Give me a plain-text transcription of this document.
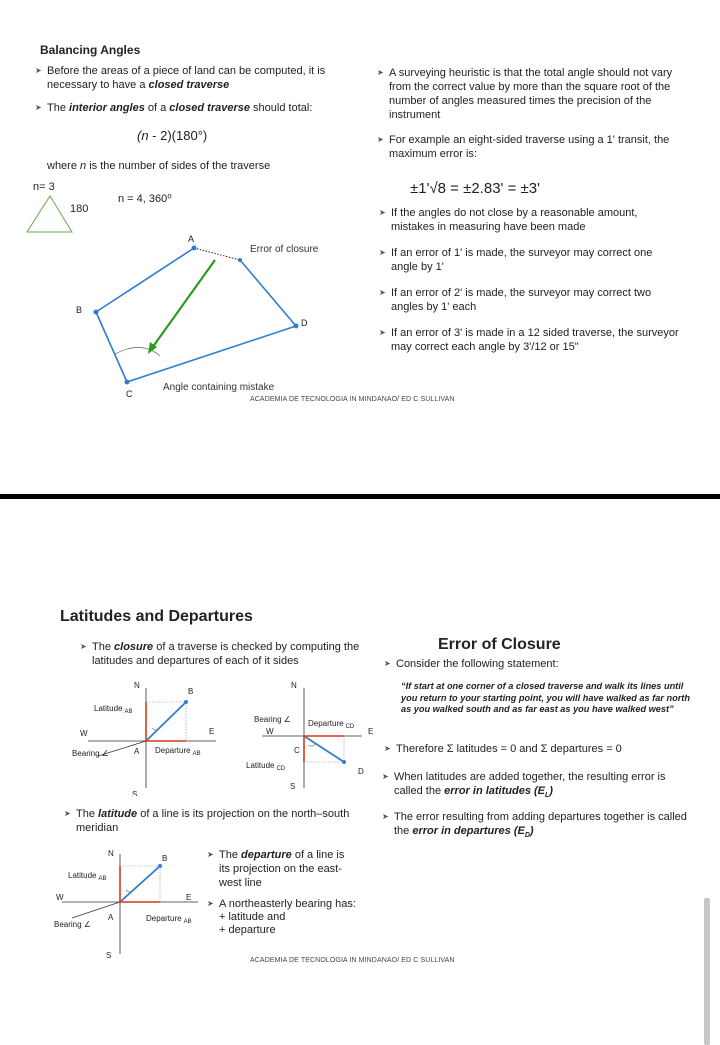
Balancing Angles
➤ Before the areas of a piece of land can be computed, it is necessary to have a closed traverse
➤ The interior angles of a closed traverse should total:
(n - 2)(180°)
where n is the number of sides of the traverse
n= 3
180
n = 4, 360⁰
A
B
C
D
Error of closure
Angle containing mistake
➤ A surveying heuristic is that the total angle should not vary from the correct value by more than the square root of the number of angles measured times the precision of the instrument
➤ For example an eight-sided traverse using a 1' transit, the maximum error is:
±1'√8 = ±2.83' = ±3'
➤ If the angles do not close by a reasonable amount, mistakes in measuring have been made
➤ If an error of 1' is made, the surveyor may correct one angle by 1'
➤ If an error of 2' is made, the surveyor may correct two angles by 1' each
➤ If an error of 3' is made in a 12 sided traverse, the surveyor may correct each angle by 3'/12 or 15"
ACADEMIA DE TECNOLOGIA IN MINDANAO/ ED C SULLIVAN
Latitudes and Departures
➤ The closure of a traverse is checked by computing the latitudes and departures of each of it sides
N
S
E
W
A
B
Latitude $_{AB}$
Departure $_{AB}$
Bearing ∠
N
S
E
W
C
D
Bearing ∠ Departure $_{CD}$
Latitude $_{CD}$
➤ The latitude of a line is its projection on the north–south meridian
N
S
E
W
A
B
Latitude $_{AB}$
Departure $_{AB}$
Bearing ∠
➤ The departure of a line is its projection on the east-west line
➤ A northeasterly bearing has:
+ latitude and
+ departure
Error of Closure
➤ Consider the following statement:
“If start at one corner of a closed traverse and walk its lines until you return to your starting point, you will have walked as far north as you walked south and as far east as you have walked west”
➤ Therefore Σ latitudes = 0 and Σ departures = 0
➤ When latitudes are added together, the resulting error is called the error in latitudes $(E_L)$
➤ The error resulting from adding departures together is called the error in departures $(E_D)$
ACADEMIA DE TECNOLOGIA IN MINDANAO/ ED C SULLIVAN
